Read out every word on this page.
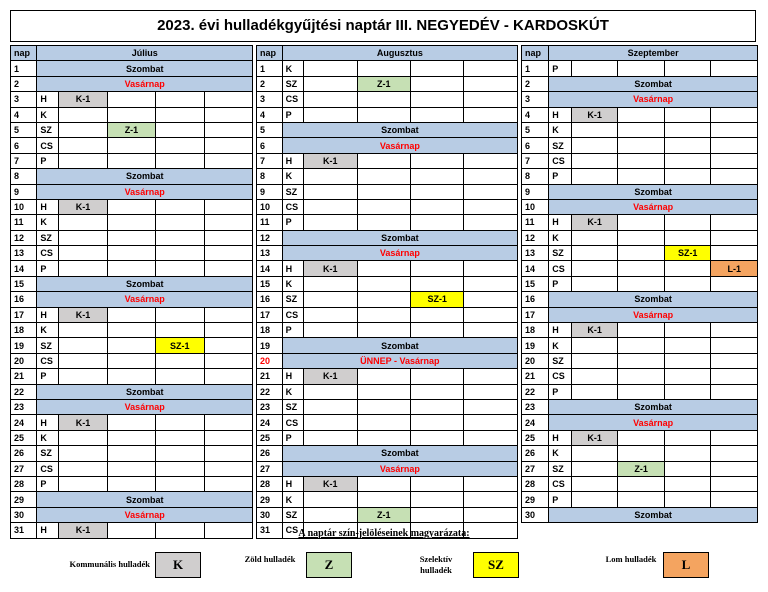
2023. évi hulladékgyűjtési naptár III. NEGYEDÉV - KARDOSKÚT
nap	Július				
1	Szombat				
2	Vasárnap				
3	H	K-1			
4	K				
5	SZ		Z-1		
6	CS				
7	P				
8	Szombat				
9	Vasárnap				
10	H	K-1			
11	K				
12	SZ				
13	CS				
14	P				
15	Szombat				
16	Vasárnap				
17	H	K-1			
18	K				
19	SZ			SZ-1	
20	CS				
21	P				
22	Szombat				
23	Vasárnap				
24	H	K-1			
25	K				
26	SZ				
27	CS				
28	P				
29	Szombat				
30	Vasárnap				
31	H	K-1			
nap	Augusztus				
1	K				
2	SZ		Z-1		
3	CS				
4	P				
5	Szombat				
6	Vasárnap				
7	H	K-1			
8	K				
9	SZ				
10	CS				
11	P				
12	Szombat				
13	Vasárnap				
14	H	K-1			
15	K				
16	SZ			SZ-1	
17	CS				
18	P				
19	Szombat				
20	ÜNNEP - Vasárnap				
21	H	K-1			
22	K				
23	SZ				
24	CS				
25	P				
26	Szombat				
27	Vasárnap				
28	H	K-1			
29	K				
30	SZ		Z-1		
31	CS				
nap	Szeptember				
1	P				
2	Szombat				
3	Vasárnap				
4	H	K-1			
5	K				
6	SZ				
7	CS				
8	P				
9	Szombat				
10	Vasárnap				
11	H	K-1			
12	K				
13	SZ			SZ-1	
14	CS				L-1
15	P				
16	Szombat				
17	Vasárnap				
18	H	K-1			
19	K				
20	SZ				
21	CS				
22	P				
23	Szombat				
24	Vasárnap				
25	H	K-1			
26	K				
27	SZ		Z-1		
28	CS				
29	P				
30	Szombat				
A naptár szín-jelöléseinek magyarázata:
Kommunális hulladék	K	Zöld hulladék	Z	Szelektív hulladék	SZ	Lom hulladék	L
